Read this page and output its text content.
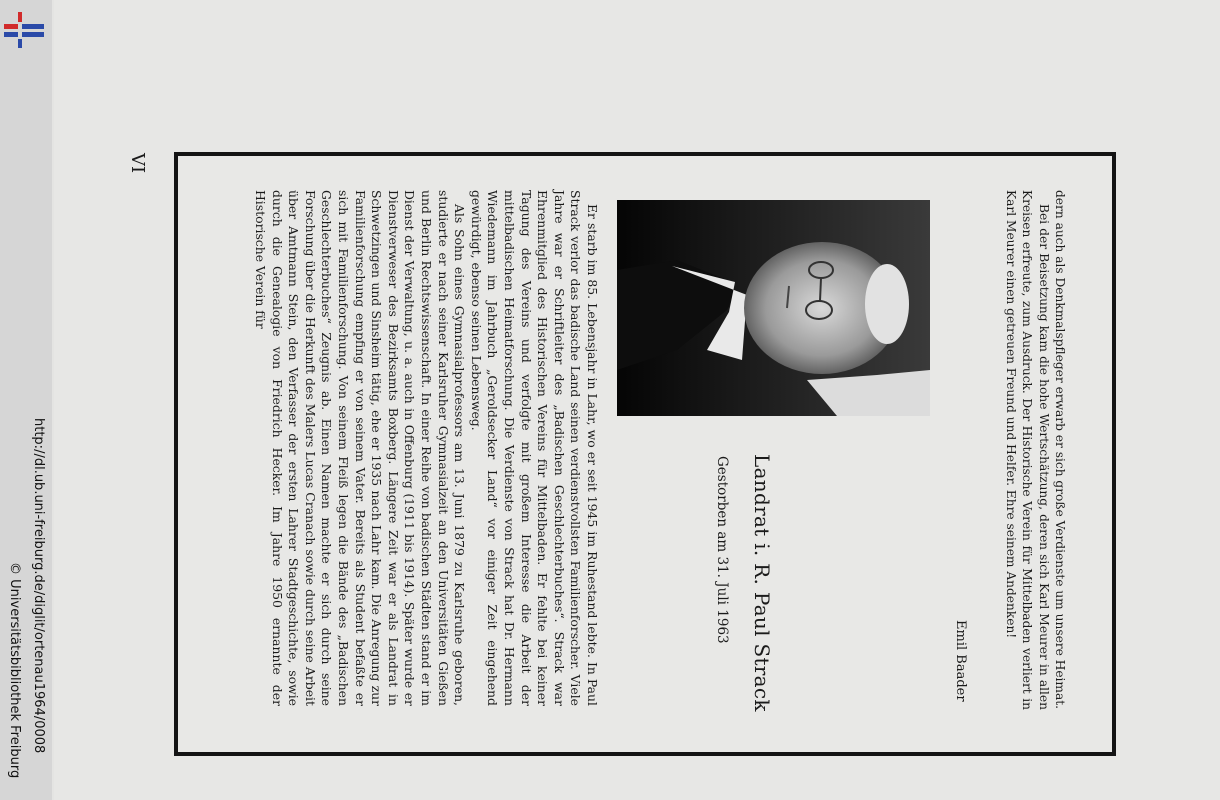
http://dl.ub.uni-freiburg.de/diglit/ortenau1964/0008
© Universitätsbibliothek Freiburg
VI

dern auch als Denkmalspfleger erwarb er sich große Verdienste um unsere Heimat.

Bei der Beisetzung kam die hohe Wertschätzung, deren sich Karl Meurer in allen Kreisen erfreute, zum Ausdruck. Der Historische Verein für Mittelbaden verliert in Karl Meurer einen getreuen Freund und Helfer. Ehre seinem Andenken!

Emil Baader
Landrat i. R. Paul Strack
Gestorben am 31. Juli 1963

Er starb im 85. Lebensjahr in Lahr, wo er seit 1945 im Ruhestand lebte. In Paul Strack verlor das badische Land seinen verdienstvollsten Familienforscher. Viele Jahre war er Schriftleiter des „Badischen Geschlechterbuches“. Strack war Ehrenmitglied des Historischen Vereins für Mittelbaden. Er fehlte bei keiner Tagung des Vereins und verfolgte mit großem Interesse die Arbeit der mittelbadischen Heimatforschung. Die Verdienste von Strack hat Dr. Hermann Wiedemann im Jahrbuch „Geroldsecker Land“ vor einiger Zeit eingehend gewürdigt, ebenso seinen Lebensweg.

Als Sohn eines Gymnasialprofessors am 13. Juni 1879 zu Karlsruhe geboren, studierte er nach seiner Karlsruher Gymnasialzeit an den Universitäten Gießen und Berlin Rechtswissenschaft. In einer Reihe von badischen Städten stand er im Dienst der Verwaltung, u. a. auch in Offenburg (1911 bis 1914). Später wurde er Dienstverweser des Bezirksamts Boxberg. Längere Zeit war er als Landrat in Schwetzingen und Sinsheim tätig, ehe er 1935 nach Lahr kam. Die Anregung zur Familienforschung empfing er von seinem Vater. Bereits als Student befaßte er sich mit Familienforschung. Von seinem Fleiß legen die Bände des „Badischen Geschlechterbuches“ Zeugnis ab. Einen Namen machte er sich durch seine Forschung über die Herkunft des Malers Lucas Cranach sowie durch seine Arbeit über Amtmann Stein, den Verfasser der ersten Lahrer Stadtgeschichte, sowie durch die Genealogie von Friedrich Hecker. Im Jahre 1950 ernannte der Historische Verein für
